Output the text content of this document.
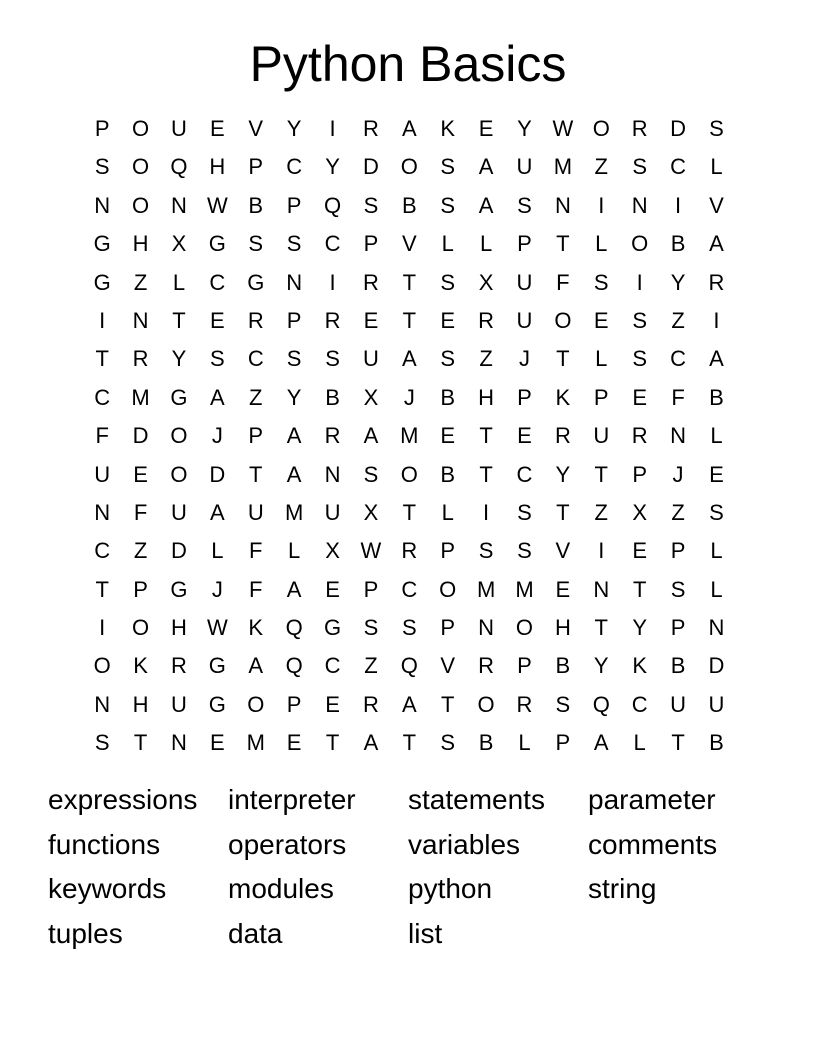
Python Basics
P	O U	E	V	Y	I	R	A	K	E	Y W O R	D	S
S	O Q H	P	C	Y	D O	S	A	U M	Z	S	C	L
N O N W B	P	Q	S	B	S	A	S	N	I	N	I	V
G H	X	G	S	S	C	P	V	L	L	P	T	L	O	B	A
G	Z	L	C G N	I	R	T	S	X	U	F	S	I	Y	R
I	N	T	E	R	P	R	E	T	E	R	U O	E	S	Z	I
T	R	Y	S	C	S	S	U	A	S	Z	J	T	L	S	C	A
C M G	A	Z	Y	B	X	J	B	H	P	K	P	E	F	B
F	D O	J	P	A	R	A M E	T	E	R	U	R	N	L
U	E	O D	T	A	N	S	O	B	T	C	Y	T	P	J	E
N	F	U	A	U M U	X	T	L	I	S	T	Z	X	Z	S
C	Z	D	L	F	L	X W R	P	S	S	V	I	E	P	L
T	P	G	J	F	A	E	P	C O M M E	N	T	S	L
I	O H W K	Q G	S	S	P	N O H	T	Y	P	N
O	K	R G	A	Q C	Z	Q	V	R	P	B	Y	K	B	D
N	H	U G O	P	E	R	A	T	O R	S	Q C	U	U
S	T	N	E M E	T	A	T	S	B	L	P	A	L	T	B
expressions	interpreter	statements	parameter
functions	operators	variables	comments
keywords	modules	python	string
tuples	data	list
